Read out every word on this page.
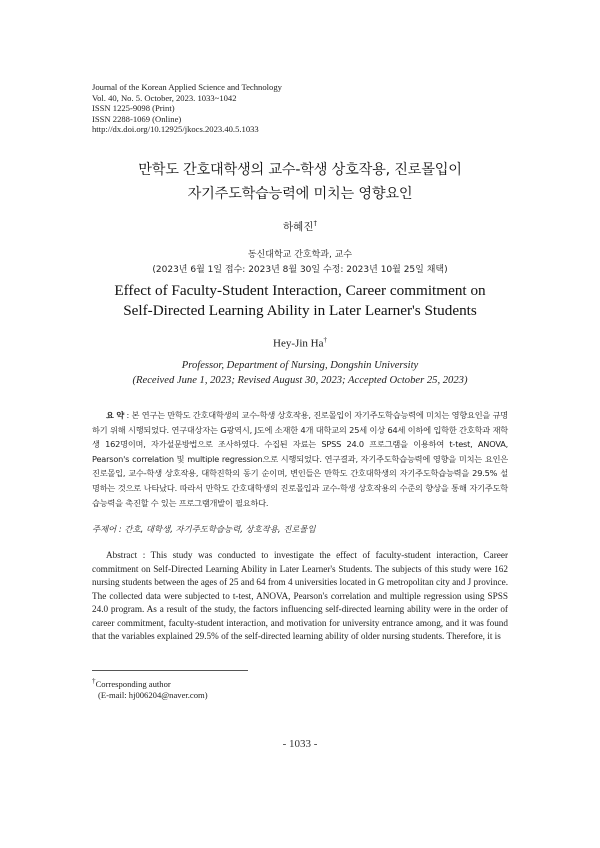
Journal of the Korean Applied Science and Technology
Vol. 40, No. 5. October, 2023. 1033~1042
ISSN 1225-9098 (Print)
ISSN 2288-1069 (Online)
http://dx.doi.org/10.12925/jkocs.2023.40.5.1033
만학도 간호대학생의 교수-학생 상호작용, 진로몰입이
자기주도학습능력에 미치는 영향요인
하혜진†
동신대학교 간호학과, 교수
(2023년 6월 1일 접수: 2023년 8월 30일 수정: 2023년 10월 25일 채택)
Effect of Faculty-Student Interaction, Career commitment on
Self-Directed Learning Ability in Later Learner's Students
Hey-Jin Ha†
Professor, Department of Nursing, Dongshin University
(Received June 1, 2023; Revised August 30, 2023; Accepted October 25, 2023)
요 약 : 본 연구는 만학도 간호대학생의 교수-학생 상호작용, 진로몰입이 자기주도학습능력에 미치는 영향요인을 규명하기 위해 시행되었다. 연구대상자는 G광역시, J도에 소재한 4개 대학교의 25세 이상 64세 이하에 입학한 간호학과 재학생 162명이며, 자가설문방법으로 조사하였다. 수집된 자료는 SPSS 24.0 프로그램을 이용하여 t-test, ANOVA, Pearson's correlation 및 multiple regression으로 시행되었다. 연구결과, 자기주도학습능력에 영향을 미치는 요인은 진로몰입, 교수-학생 상호작용, 대학진학의 동기 순이며, 변인들은 만학도 간호대학생의 자기주도학습능력을 29.5% 설명하는 것으로 나타났다. 따라서 만학도 간호대학생의 진로몰입과 교수-학생 상호작용의 수준의 향상을 통해 자기주도학습능력을 촉진할 수 있는 프로그램개발이 필요하다.
주제어 : 간호, 대학생, 자기주도학습능력, 상호작용, 진로몰입
Abstract : This study was conducted to investigate the effect of faculty-student interaction, Career commitment on Self-Directed Learning Ability in Later Learner's Students. The subjects of this study were 162 nursing students between the ages of 25 and 64 from 4 universities located in G metropolitan city and J province. The collected data were subjected to t-test, ANOVA, Pearson's correlation and multiple regression using SPSS 24.0 program. As a result of the study, the factors influencing self-directed learning ability were in the order of career commitment, faculty-student interaction, and motivation for university entrance among, and it was found that the variables explained 29.5% of the self-directed learning ability of older nursing students. Therefore, it is
†Corresponding author
(E-mail: hj006204@naver.com)
- 1033 -
